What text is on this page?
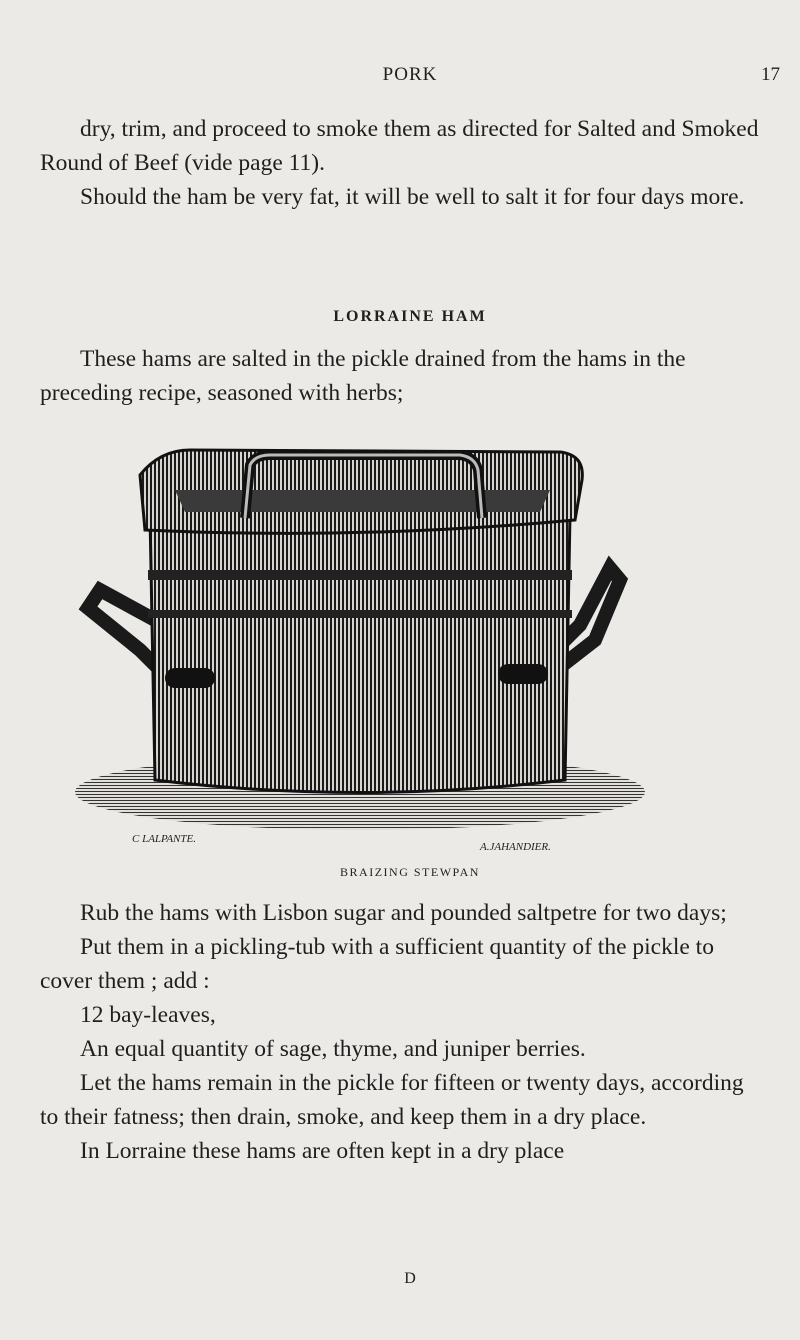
PORK	17

dry, trim, and proceed to smoke them as directed for Salted and Smoked Round of Beef (vide page 11).

Should the ham be very fat, it will be well to salt it for four days more.

LORRAINE HAM

These hams are salted in the pickle drained from the hams in the preceding recipe, seasoned with herbs;

C LALPANTE.
A.JAHANDIER.
BRAIZING STEWPAN

Rub the hams with Lisbon sugar and pounded saltpetre for two days;

Put them in a pickling-tub with a sufficient quantity of the pickle to cover them ; add :

12 bay-leaves,

An equal quantity of sage, thyme, and juniper berries.

Let the hams remain in the pickle for fifteen or twenty days, according to their fatness; then drain, smoke, and keep them in a dry place.

In Lorraine these hams are often kept in a dry place

D
